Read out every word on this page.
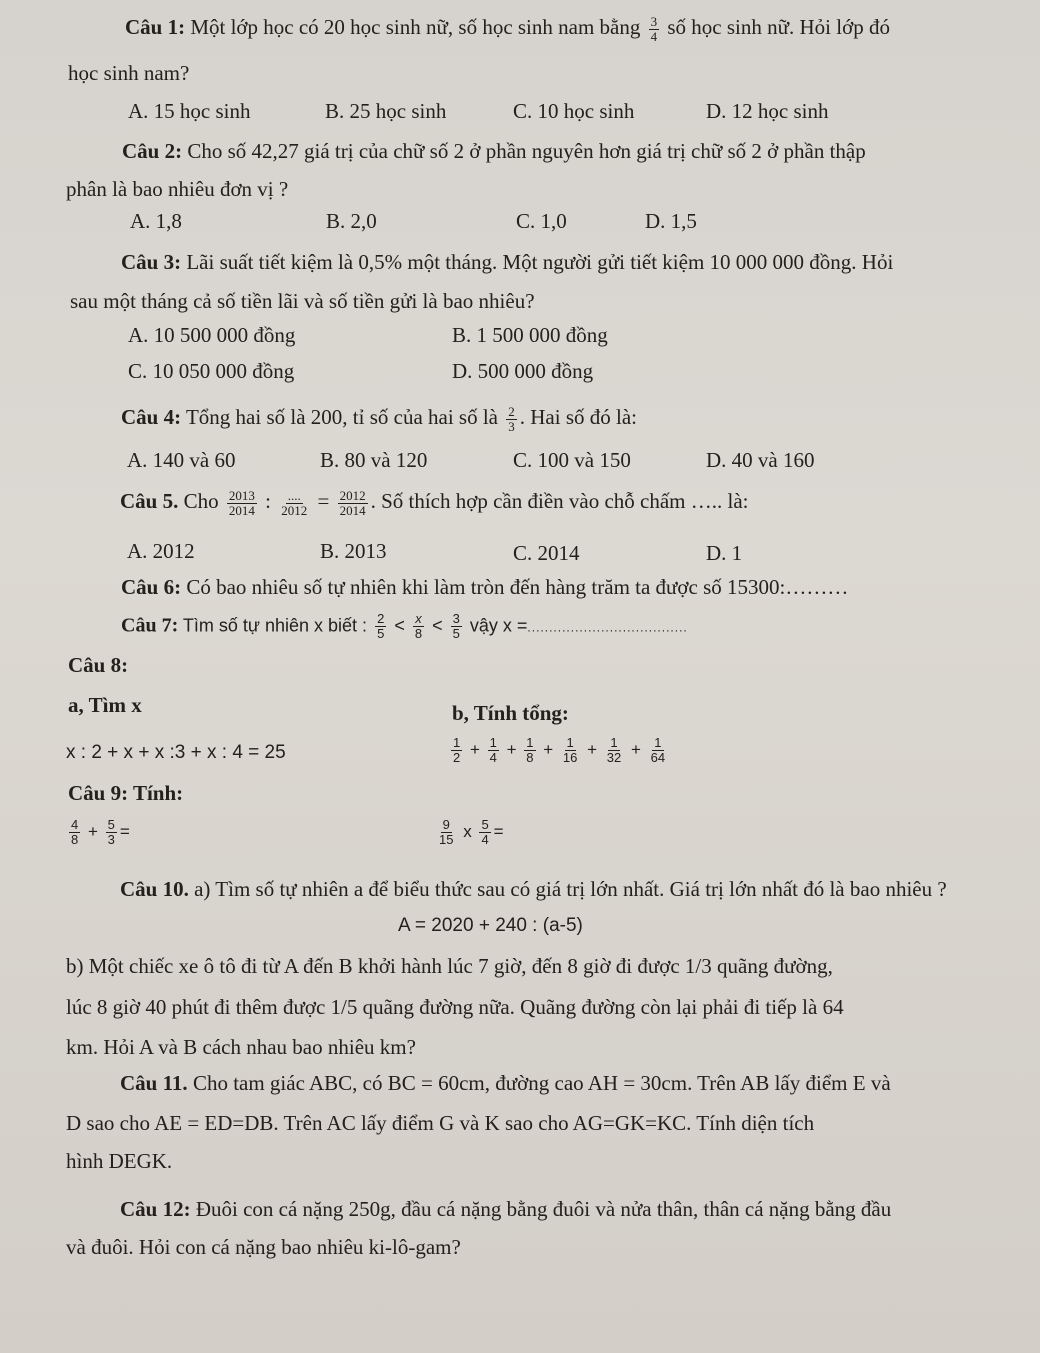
Câu 1: Một lớp học có 20 học sinh nữ, số học sinh nam bằng $\frac{3}{4}$ số học sinh nữ. Hỏi lớp đó
học sinh nam?
A. 15 học sinh	B. 25 học sinh	C. 10 học sinh	D. 12 học sinh
Câu 2: Cho số 42,27 giá trị của chữ số 2 ở phần nguyên hơn giá trị chữ số 2 ở phần thập
phân là bao nhiêu đơn vị ?
A. 1,8	B. 2,0	C. 1,0	D. 1,5
Câu 3: Lãi suất tiết kiệm là 0,5% một tháng. Một người gửi tiết kiệm 10 000 000 đồng. Hỏi
sau một tháng cả số tiền lãi và số tiền gửi là bao nhiêu?
A. 10 500 000 đồng	B. 1 500 000 đồng
C. 10 050 000 đồng	D. 500 000 đồng
Câu 4: Tổng hai số là 200, tỉ số của hai số là $\frac{2}{3}$ . Hai số đó là:
A. 140 và 60	B. 80 và 120	C. 100 và 150	D. 40 và 160
Câu 5. Cho $\frac{2013}{2014}$ : $\frac{....}{2012} = \frac{2012}{2014}$ . Số thích hợp cần điền vào chỗ chấm ….. là:
A. 2012	B. 2013	C. 2014	D. 1
Câu 6: Có bao nhiêu số tự nhiên khi làm tròn đến hàng trăm ta được số 15300:………
Câu 7: Tìm số tự nhiên x biết : $\frac{2}{5} < \frac{x}{8} < \frac{3}{5}$ vậy x =.....................................
Câu 8:
a, Tìm x	b, Tính tổng:
x : 2 + x + x :3 + x : 4 = 25	$\frac{1}{2} + \frac{1}{4} + \frac{1}{8} + \frac{1}{16} + \frac{1}{32} + \frac{1}{64}$
Câu 9: Tính:
$\frac{4}{8} + \frac{5}{3}$ =	$\frac{9}{15}$ x $\frac{5}{4}$ =
Câu 10. a) Tìm số tự nhiên a để biểu thức sau có giá trị lớn nhất. Giá trị lớn nhất đó là bao nhiêu ?
A = 2020 + 240 : (a-5)
b) Một chiếc xe ô tô đi từ A đến B khởi hành lúc 7 giờ, đến 8 giờ đi được 1/3 quãng đường,
lúc 8 giờ 40 phút đi thêm được 1/5 quãng đường nữa. Quãng đường còn lại phải đi tiếp là 64
km. Hỏi A và B cách nhau bao nhiêu km?
Câu 11. Cho tam giác ABC, có BC = 60cm, đường cao AH = 30cm. Trên AB lấy điểm E và
D sao cho AE = ED=DB. Trên AC lấy điểm G và K sao cho AG=GK=KC. Tính diện tích
hình DEGK.
Câu 12: Đuôi con cá nặng 250g, đầu cá nặng bằng đuôi và nửa thân, thân cá nặng bằng đầu
và đuôi. Hỏi con cá nặng bao nhiêu ki-lô-gam?
